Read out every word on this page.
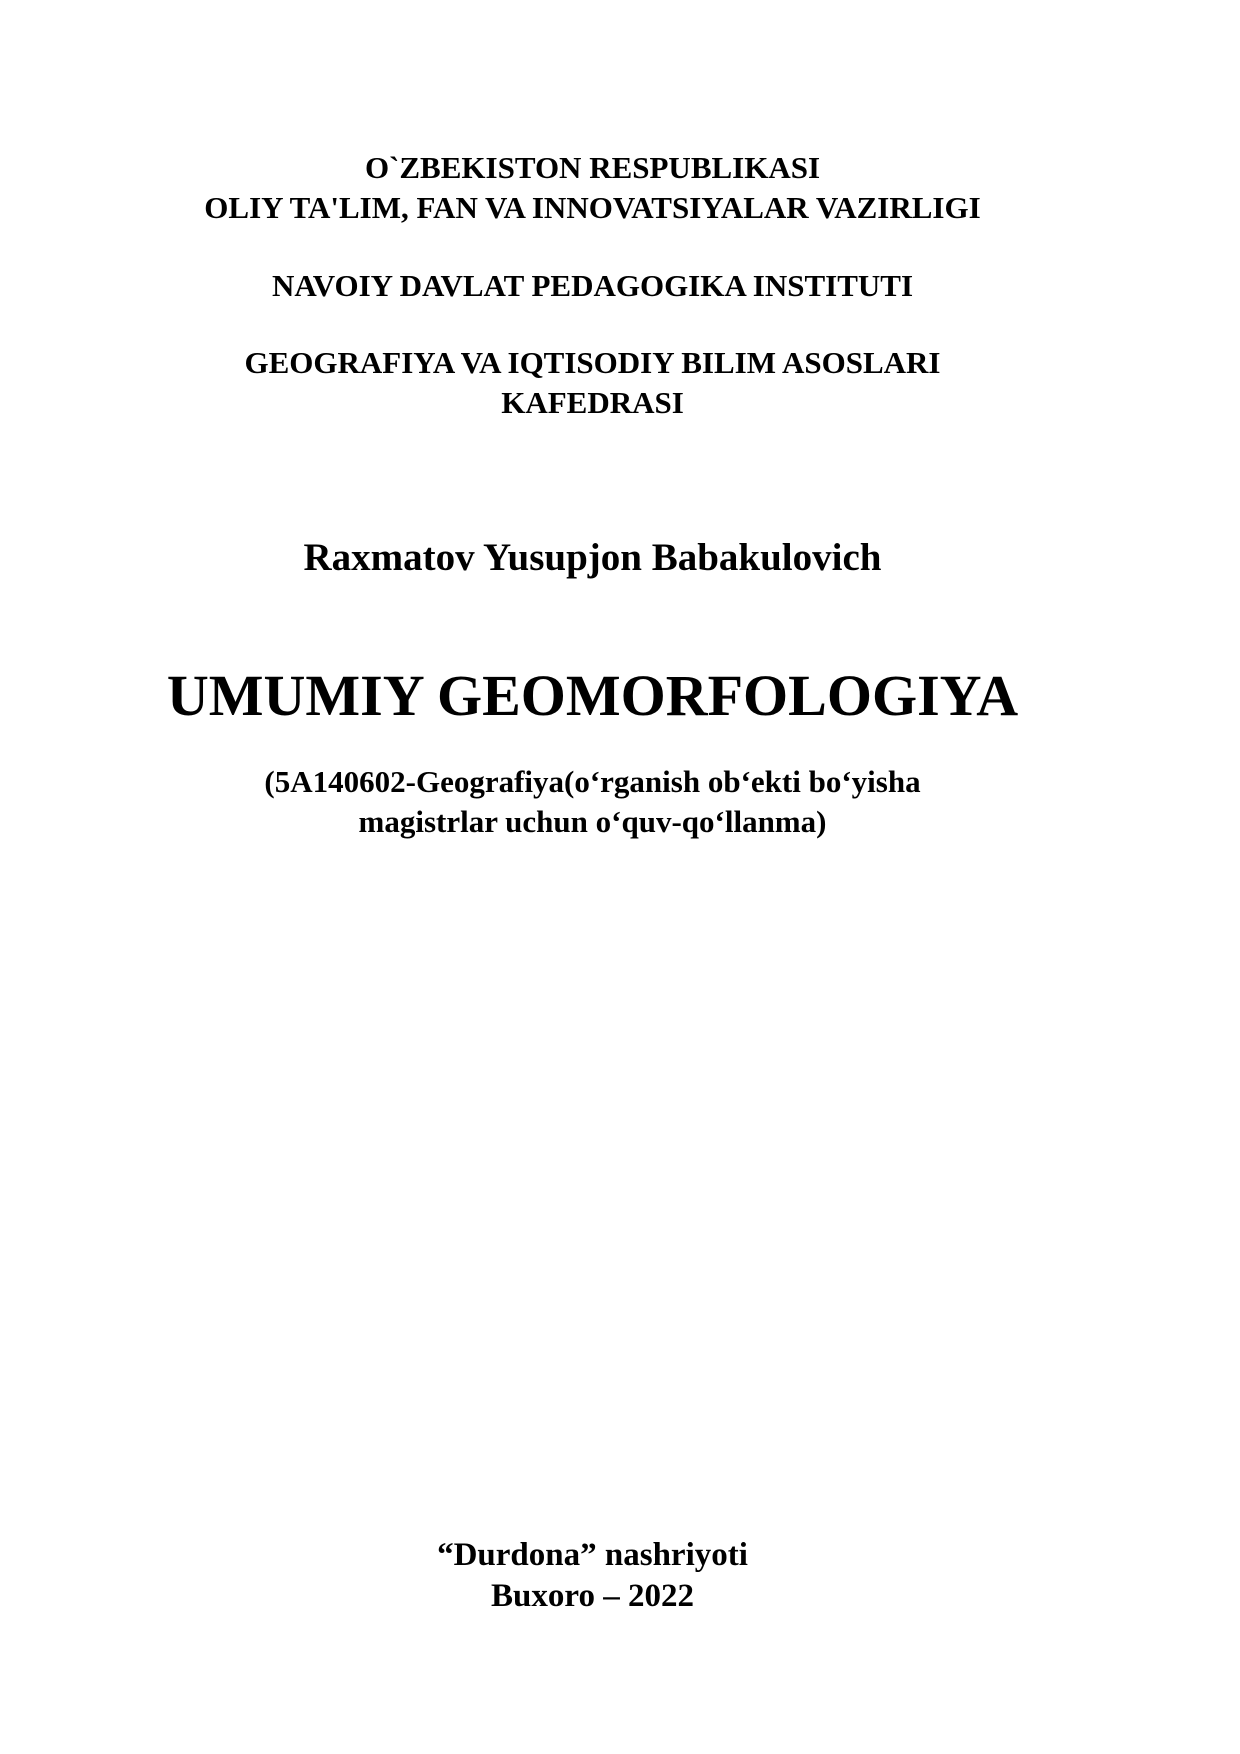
O`ZBEKISTON RESPUBLIKASI
OLIY TA'LIM, FAN VA INNOVATSIYALAR VAZIRLIGI
NAVOIY DAVLAT PEDAGOGIKA INSTITUTI
GEOGRAFIYA VA IQTISODIY BILIM ASOSLARI
KAFEDRASI
Raxmatov Yusupjon Babakulovich
UMUMIY GEOMORFOLOGIYA
(5A140602-Geografiya(o‘rganish ob‘ekti bo‘yisha
magistrlar uchun o‘quv-qo‘llanma)
“Durdona” nashriyoti
Buxoro – 2022
